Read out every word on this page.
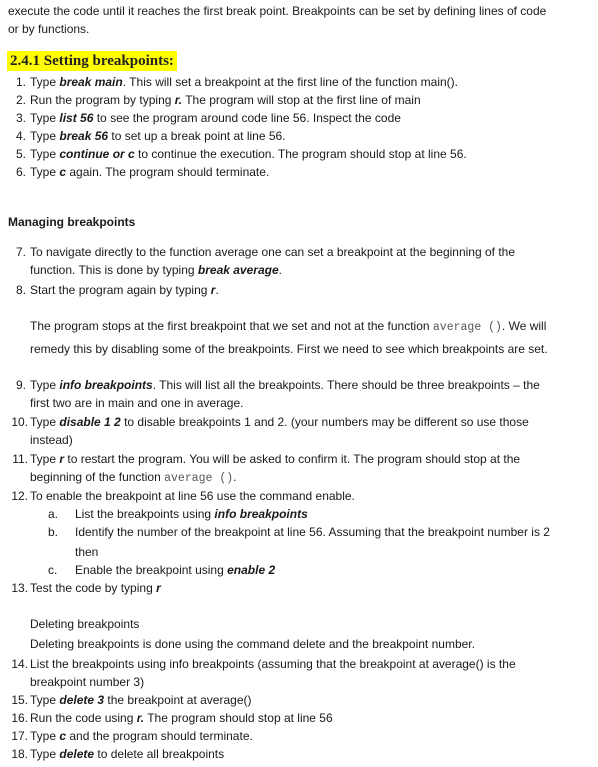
execute the code until it reaches the first break point. Breakpoints can be set by defining lines of code
or by functions.
2.4.1 Setting breakpoints:
1. Type break main. This will set a breakpoint at the first line of the function main().
2. Run the program by typing r. The program will stop at the first line of main
3. Type list 56 to see the program around code line 56. Inspect the code
4. Type break 56 to set up a break point at line 56.
5. Type continue or c to continue the execution. The program should stop at line 56.
6. Type c again. The program should terminate.
Managing breakpoints
7. To navigate directly to the function average one can set a breakpoint at the beginning of the
function. This is done by typing break average.
8. Start the program again by typing r.
The program stops at the first breakpoint that we set and not at the function average (). We will
remedy this by disabling some of the breakpoints. First we need to see which breakpoints are set.
9. Type info breakpoints. This will list all the breakpoints. There should be three breakpoints – the
first two are in main and one in average.
10. Type disable 1 2 to disable breakpoints 1 and 2. (your numbers may be different so use those
instead)
11. Type r to restart the program. You will be asked to confirm it. The program should stop at the
beginning of the function average ().
12. To enable the breakpoint at line 56 use the command enable.
a.	List the breakpoints using info breakpoints
b.	Identify the number of the breakpoint at line 56. Assuming that the breakpoint number is 2
then
c.	Enable the breakpoint using enable 2
13. Test the code by typing r
Deleting breakpoints
Deleting breakpoints is done using the command delete and the breakpoint number.
14. List the breakpoints using info breakpoints (assuming that the breakpoint at average() is the
breakpoint number 3)
15. Type delete 3 the breakpoint at average()
16. Run the code using r. The program should stop at line 56
17. Type c and the program should terminate.
18. Type delete to delete all breakpoints
